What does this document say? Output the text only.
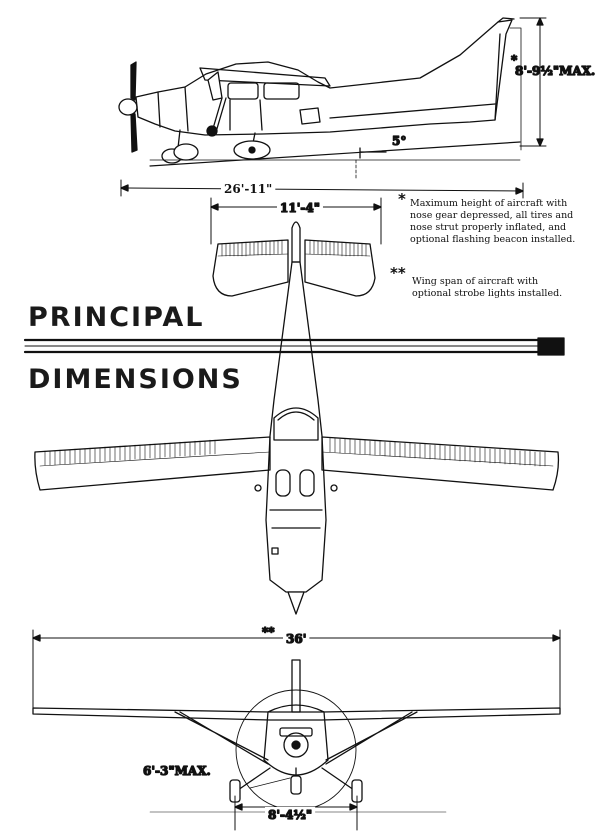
8'-9½"MAX.
*
5°
26'-11"
11'-4"
36'
**
6'-3"MAX.
8'-4½"
PRINCIPAL
DIMENSIONS
* Maximum height of aircraft with nose gear depressed, all tires and nose strut properly inflated, and optional flashing beacon installed.
** Wing span of aircraft with optional strobe lights installed.
